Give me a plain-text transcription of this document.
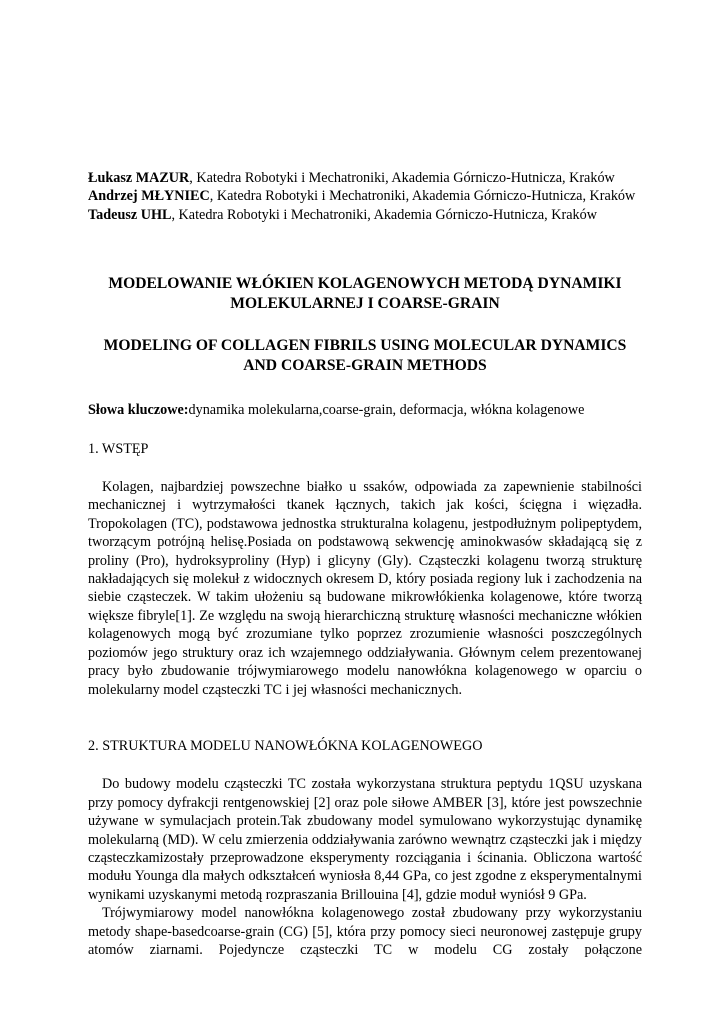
Łukasz MAZUR, Katedra Robotyki i Mechatroniki, Akademia Górniczo-Hutnicza, Kraków
Andrzej MŁYNIEC, Katedra Robotyki i Mechatroniki, Akademia Górniczo-Hutnicza, Kraków
Tadeusz UHL, Katedra Robotyki i Mechatroniki, Akademia Górniczo-Hutnicza, Kraków
MODELOWANIE WŁÓKIEN KOLAGENOWYCH METODĄ DYNAMIKI MOLEKULARNEJ I COARSE-GRAIN
MODELING OF COLLAGEN FIBRILS USING MOLECULAR DYNAMICS AND COARSE-GRAIN METHODS

Słowa kluczowe:dynamika molekularna,coarse-grain, deformacja, włókna kolagenowe

1. WSTĘP

Kolagen, najbardziej powszechne białko u ssaków, odpowiada za zapewnienie stabilności mechanicznej i wytrzymałości tkanek łącznych, takich jak kości, ścięgna i więzadła. Tropokolagen (TC), podstawowa jednostka strukturalna kolagenu, jestpodłużnym polipeptydem, tworzącym potrójną helisę.Posiada on podstawową sekwencję aminokwasów składającą się z proliny (Pro), hydroksyproliny (Hyp) i glicyny (Gly). Cząsteczki kolagenu tworzą strukturę nakładających się molekuł z widocznych okresem D, który posiada regiony luk i zachodzenia na siebie cząsteczek. W takim ułożeniu są budowane mikrowłókienka kolagenowe, które tworzą większe fibryle[1]. Ze względu na swoją hierarchiczną strukturę własności mechaniczne włókien kolagenowych mogą być zrozumiane tylko poprzez zrozumienie własności poszczególnych poziomów jego struktury oraz ich wzajemnego oddziaływania. Głównym celem prezentowanej pracy było zbudowanie trójwymiarowego modelu nanowłókna kolagenowego w oparciu o molekularny model cząsteczki TC i jej własności mechanicznych.

2. STRUKTURA MODELU NANOWŁÓKNA KOLAGENOWEGO

Do budowy modelu cząsteczki TC została wykorzystana struktura peptydu 1QSU uzyskana przy pomocy dyfrakcji rentgenowskiej [2] oraz pole siłowe AMBER [3], które jest powszechnie używane w symulacjach protein.Tak zbudowany model symulowano wykorzystując dynamikę molekularną (MD). W celu zmierzenia oddziaływania zarówno wewnątrz cząsteczki jak i między cząsteczkamizostały przeprowadzone eksperymenty rozciągania i ścinania. Obliczona wartość modułu Younga dla małych odkształceń wyniosła 8,44 GPa, co jest zgodne z eksperymentalnymi wynikami uzyskanymi metodą rozpraszania Brillouina [4], gdzie moduł wyniósł 9 GPa.

Trójwymiarowy model nanowłókna kolagenowego został zbudowany przy wykorzystaniu metody shape-basedcoarse-grain (CG) [5], która przy pomocy sieci neuronowej zastępuje grupy atomów ziarnami. Pojedyncze cząsteczki TC w modelu CG zostały połączone
